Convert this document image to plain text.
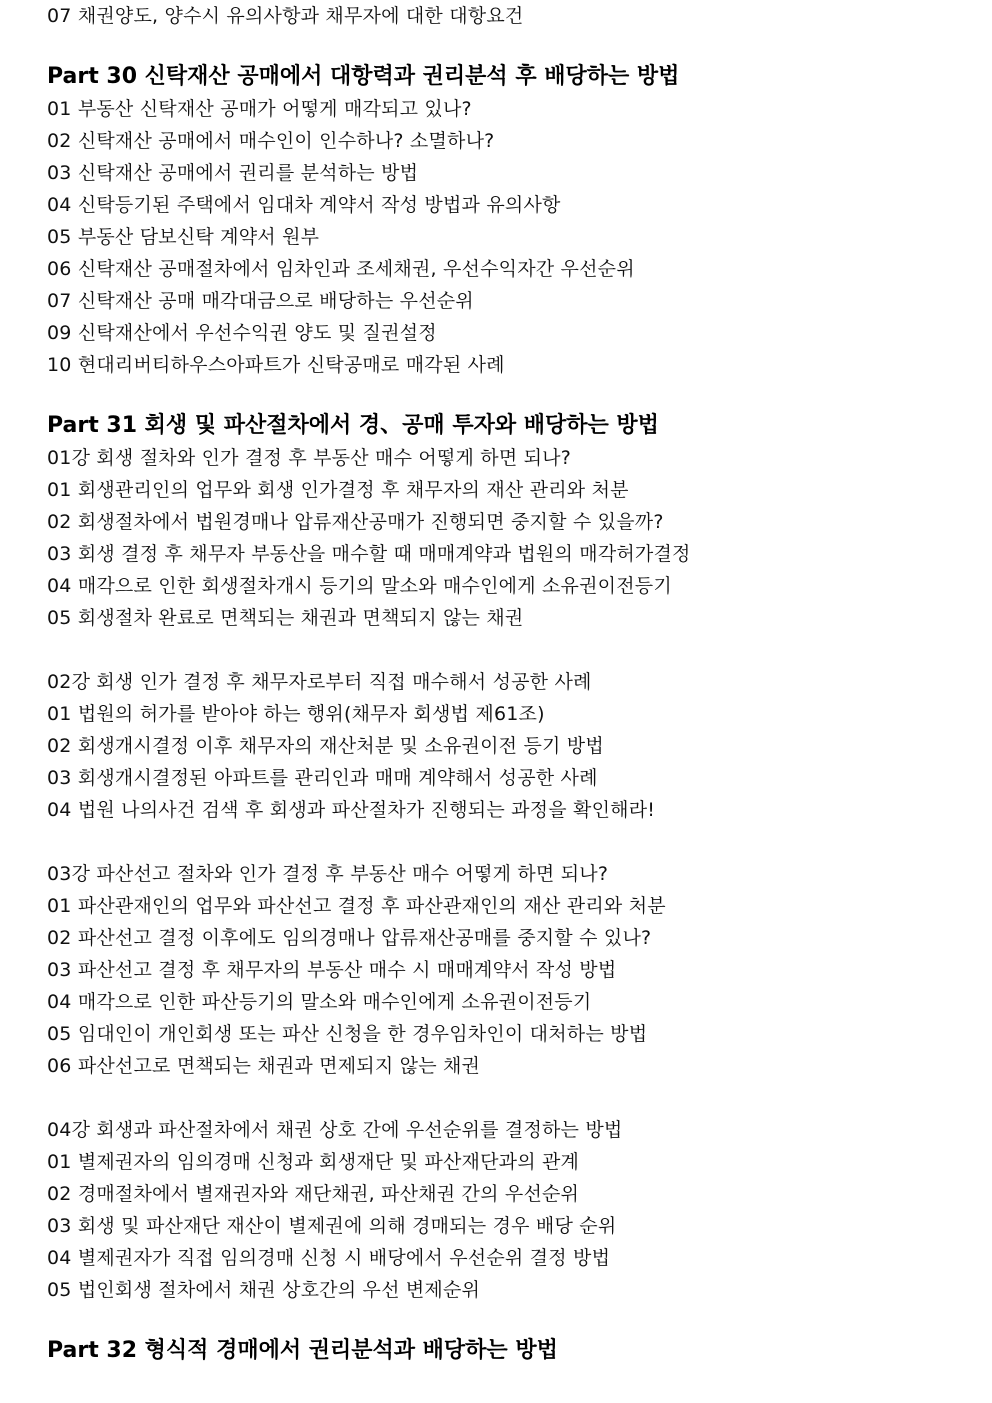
07 채권양도, 양수시 유의사항과 채무자에 대한 대항요건
Part 30 신탁재산 공매에서 대항력과 권리분석 후 배당하는 방법
01 부동산 신탁재산 공매가 어떻게 매각되고 있나?
02 신탁재산 공매에서 매수인이 인수하나? 소멸하나?
03 신탁재산 공매에서 권리를 분석하는 방법
04 신탁등기된 주택에서 임대차 계약서 작성 방법과 유의사항
05 부동산 담보신탁 계약서 원부
06 신탁재산 공매절차에서 임차인과 조세채권, 우선수익자간 우선순위
07 신탁재산 공매 매각대금으로 배당하는 우선순위
09 신탁재산에서 우선수익권 양도 및 질권설정
10 현대리버티하우스아파트가 신탁공매로 매각된 사례
Part 31 회생 및 파산절차에서 경、공매 투자와 배당하는 방법
01강 회생 절차와 인가 결정 후 부동산 매수 어떻게 하면 되나?
01 회생관리인의 업무와 회생 인가결정 후 채무자의 재산 관리와 처분
02 회생절차에서 법원경매나 압류재산공매가 진행되면 중지할 수 있을까?
03 회생 결정 후 채무자 부동산을 매수할 때 매매계약과 법원의 매각허가결정
04 매각으로 인한 회생절차개시 등기의 말소와 매수인에게 소유권이전등기
05 회생절차 완료로 면책되는 채권과 면책되지 않는 채권
02강 회생 인가 결정 후 채무자로부터 직접 매수해서 성공한 사례
01 법원의 허가를 받아야 하는 행위(채무자 회생법 제61조)
02 회생개시결정 이후 채무자의 재산처분 및 소유권이전 등기 방법
03 회생개시결정된 아파트를 관리인과 매매 계약해서 성공한 사례
04 법원 나의사건 검색 후 회생과 파산절차가 진행되는 과정을 확인해라!
03강 파산선고 절차와 인가 결정 후 부동산 매수 어떻게 하면 되나?
01 파산관재인의 업무와 파산선고 결정 후 파산관재인의 재산 관리와 처분
02 파산선고 결정 이후에도 임의경매나 압류재산공매를 중지할 수 있나?
03 파산선고 결정 후 채무자의 부동산 매수 시 매매계약서 작성 방법
04 매각으로 인한 파산등기의 말소와 매수인에게 소유권이전등기
05 임대인이 개인회생 또는 파산 신청을 한 경우임차인이 대처하는 방법
06 파산선고로 면책되는 채권과 면제되지 않는 채권
04강 회생과 파산절차에서 채권 상호 간에 우선순위를 결정하는 방법
01 별제권자의 임의경매 신청과 회생재단 및 파산재단과의 관계
02 경매절차에서 별재권자와 재단채권, 파산채권 간의 우선순위
03 회생 및 파산재단 재산이 별제권에 의해 경매되는 경우 배당 순위
04 별제권자가 직접 임의경매 신청 시 배당에서 우선순위 결정 방법
05 법인회생 절차에서 채권 상호간의 우선 변제순위
Part 32 형식적 경매에서 권리분석과 배당하는 방법
